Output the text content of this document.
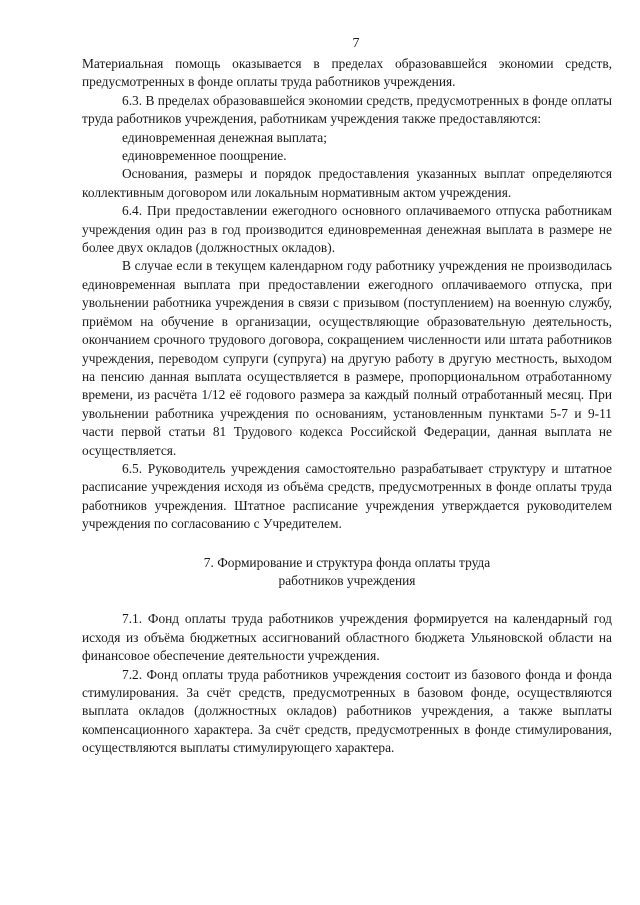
7

Материальная помощь оказывается в пределах образовавшейся экономии средств, предусмотренных в фонде оплаты труда работников учреждения.

6.3. В пределах образовавшейся экономии средств, предусмотренных в фонде оплаты труда работников учреждения, работникам учреждения также предоставляются:

единовременная денежная выплата;

единовременное поощрение.

Основания, размеры и порядок предоставления указанных выплат определяются коллективным договором или локальным нормативным актом учреждения.

6.4. При предоставлении ежегодного основного оплачиваемого отпуска работникам учреждения один раз в год производится единовременная денежная выплата в размере не более двух окладов (должностных окладов).

В случае если в текущем календарном году работнику учреждения не производилась единовременная выплата при предоставлении ежегодного оплачиваемого отпуска, при увольнении работника учреждения в связи с призывом (поступлением) на военную службу, приёмом на обучение в организации, осуществляющие образовательную деятельность, окончанием срочного трудового договора, сокращением численности или штата работников учреждения, переводом супруги (супруга) на другую работу в другую местность, выходом на пенсию данная выплата осуществляется в размере, пропорциональном отработанному времени, из расчёта 1/12 её годового размера за каждый полный отработанный месяц. При увольнении работника учреждения по основаниям, установленным пунктами 5-7 и 9-11 части первой статьи 81 Трудового кодекса Российской Федерации, данная выплата не осуществляется.

6.5. Руководитель учреждения самостоятельно разрабатывает структуру и штатное расписание учреждения исходя из объёма средств, предусмотренных в фонде оплаты труда работников учреждения. Штатное расписание учреждения утверждается руководителем учреждения по согласованию с Учредителем.

7. Формирование и структура фонда оплаты труда
работников учреждения

7.1. Фонд оплаты труда работников учреждения формируется на календарный год исходя из объёма бюджетных ассигнований областного бюджета Ульяновской области на финансовое обеспечение деятельности учреждения.

7.2. Фонд оплаты труда работников учреждения состоит из базового фонда и фонда стимулирования. За счёт средств, предусмотренных в базовом фонде, осуществляются выплата окладов (должностных окладов) работников учреждения, а также выплаты компенсационного характера. За счёт средств, предусмотренных в фонде стимулирования, осуществляются выплаты стимулирующего характера.
